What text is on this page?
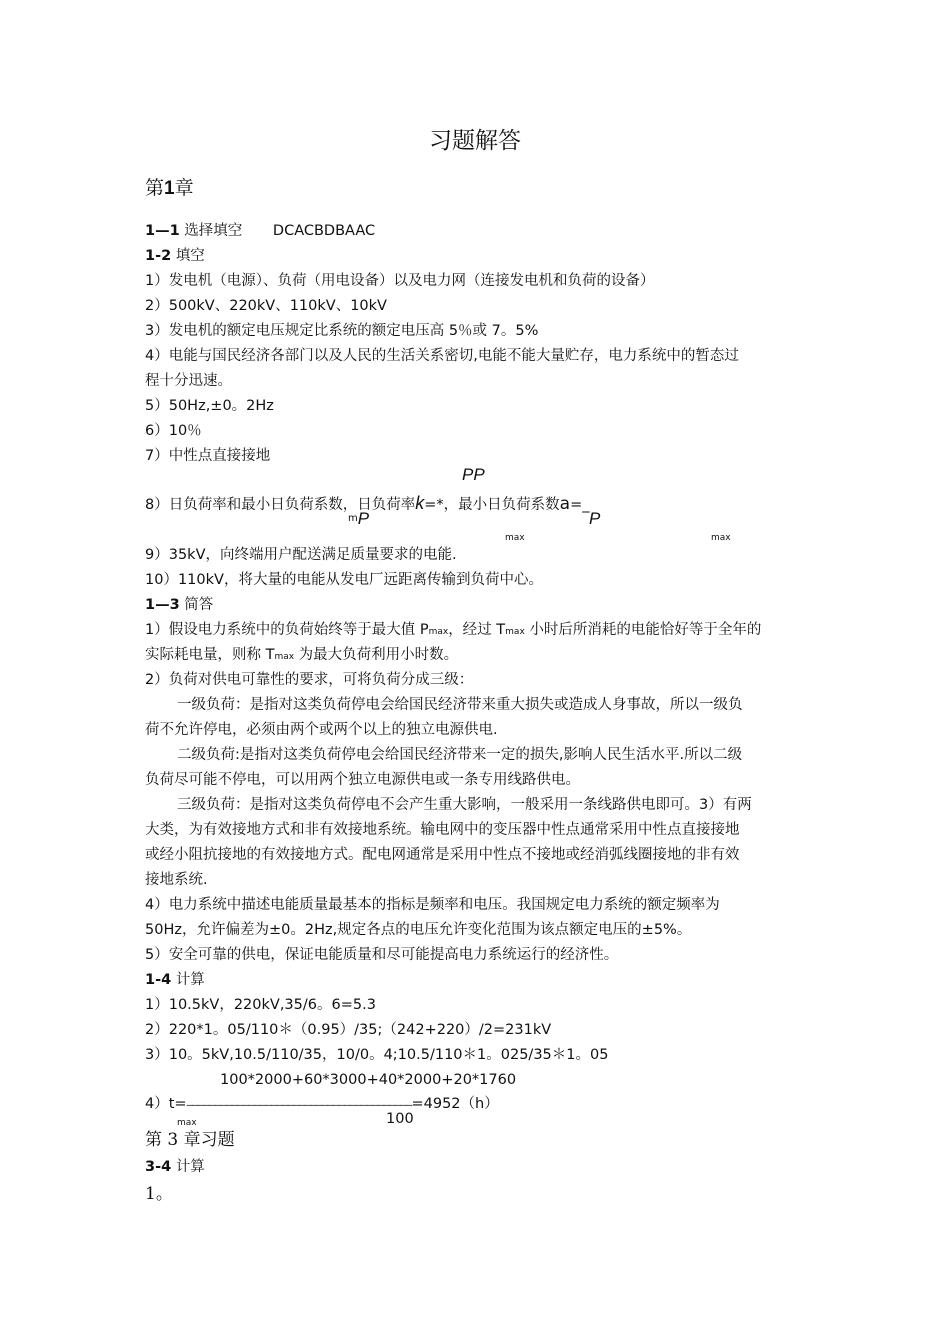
习题解答
第1章
1—1 选择填空 DCACBDBAAC
1-2 填空
1）发电机（电源）、负荷（用电设备）以及电力网（连接发电机和负荷的设备）
2）500kV、220kV、110kV、10kV
3）发电机的额定电压规定比系统的额定电压高 5％或 7。5%
4）电能与国民经济各部门以及人民的生活关系密切,电能不能大量贮存，电力系统中的暂态过
程十分迅速。
5）50Hz,±0。2Hz
6）10％
7）中性点直接接地
PP
8）日负荷率和最小日负荷系数，日负荷率k=*，最小日负荷系数a=_
$^m$P	P
max	max
9）35kV，向终端用户配送满足质量要求的电能.
10）110kV，将大量的电能从发电厂远距离传输到负荷中心。
1—3 简答
1）假设电力系统中的负荷始终等于最大值 Pmax，经过 Tmax 小时后所消耗的电能恰好等于全年的
实际耗电量，则称 Tmax 为最大负荷利用小时数。
2）负荷对供电可靠性的要求，可将负荷分成三级：
一级负荷：是指对这类负荷停电会给国民经济带来重大损失或造成人身事故，所以一级负
荷不允许停电，必须由两个或两个以上的独立电源供电.
二级负荷:是指对这类负荷停电会给国民经济带来一定的损失,影响人民生活水平.所以二级
负荷尽可能不停电，可以用两个独立电源供电或一条专用线路供电。
三级负荷：是指对这类负荷停电不会产生重大影响，一般采用一条线路供电即可。3）有两
大类，为有效接地方式和非有效接地系统。输电网中的变压器中性点通常采用中性点直接接地
或经小阻抗接地的有效接地方式。配电网通常是采用中性点不接地或经消弧线圈接地的非有效
接地系统.
4）电力系统中描述电能质量最基本的指标是频率和电压。我国规定电力系统的额定频率为
50Hz，允许偏差为±0。2Hz,规定各点的电压允许变化范围为该点额定电压的±5%。
5）安全可靠的供电，保证电能质量和尽可能提高电力系统运行的经济性。
1-4 计算
1）10.5kV，220kV,35/6。6=5.3
2）220*1。05/110＊（0.95）/35;（242+220）/2=231kV
3）10。5kV,10.5/110/35，10/0。4;10.5/110＊1。025/35＊1。05
100*2000+60*3000+40*2000+20*1760
4）t=————————————————————————————————————————=4952（h）
max	100
第 3 章习题
3-4 计算
1。
